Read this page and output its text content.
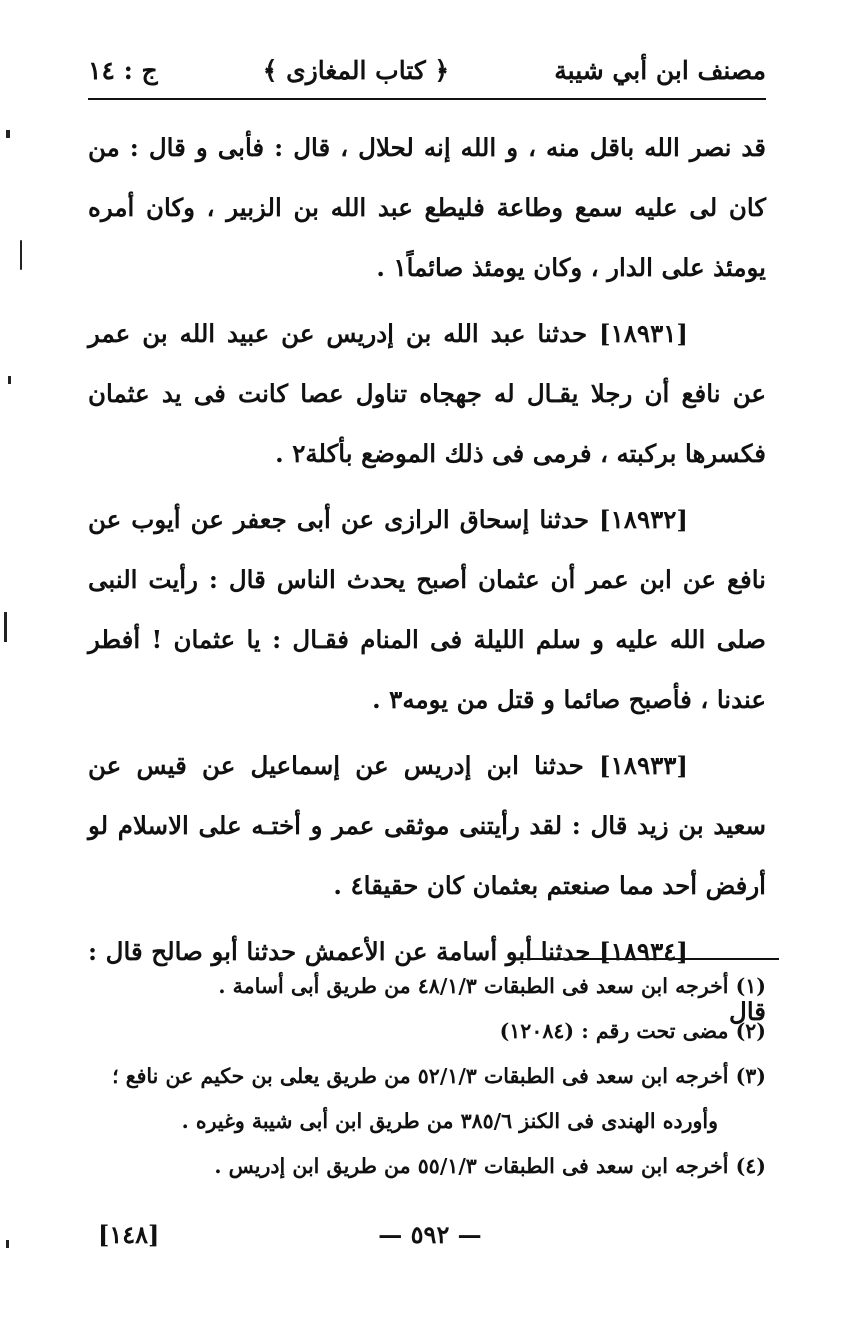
مصنف ابن أبي شيبة
﴿ كتاب المغازى ﴾
ج : ١٤

قد نصر الله باقل منه ، و الله إنه لحلال ، قال : فأبى و قال : من كان لى عليه سمع وطاعة فليطع عبد الله بن الزبير ، وكان أمره يومئذ على الدار ، وكان يومئذ صائماً١ .

[١٨٩٣١] حدثنا عبد الله بن إدريس عن عبيد الله بن عمر عن نافع أن رجلا يقـال له جهجاه تناول عصا كانت فى يد عثمان فكسرها بركبته ، فرمى فى ذلك الموضع بأكلة٢ .

[١٨٩٣٢] حدثنا إسحاق الرازى عن أبى جعفر عن أيوب عن نافع عن ابن عمر أن عثمان أصبح يحدث الناس قال : رأيت النبى صلى الله عليه و سلم الليلة فى المنام فقـال : يا عثمان ! أفطر عندنا ، فأصبح صائما و قتل من يومه٣ .

[١٨٩٣٣] حدثنا ابن إدريس عن إسماعيل عن قيس عن سعيد بن زيد قال : لقد رأيتنى موثقى عمر و أختـه على الاسلام لو أرفض أحد مما صنعتم بعثمان كان حقيقا٤ .

[١٨٩٣٤] حدثنا أبو أسامة عن الأعمش حدثنا أبو صالح قال : قال

(١) أخرجه ابن سعد فى الطبقات ٤٨/١/٣ من طريق أبى أسامة .

(٢) مضى تحت رقم : (١٢٠٨٤)

(٣) أخرجه ابن سعد فى الطبقات ٥٢/١/٣ من طريق يعلى بن حكيم عن نافع ؛

وأورده الهندى فى الكنز ٣٨٥/٦ من طريق ابن أبى شيبة وغيره .

(٤) أخرجه ابن سعد فى الطبقات ٥٥/١/٣ من طريق ابن إدريس .

[١٤٨]	— ٥٩٢ —
